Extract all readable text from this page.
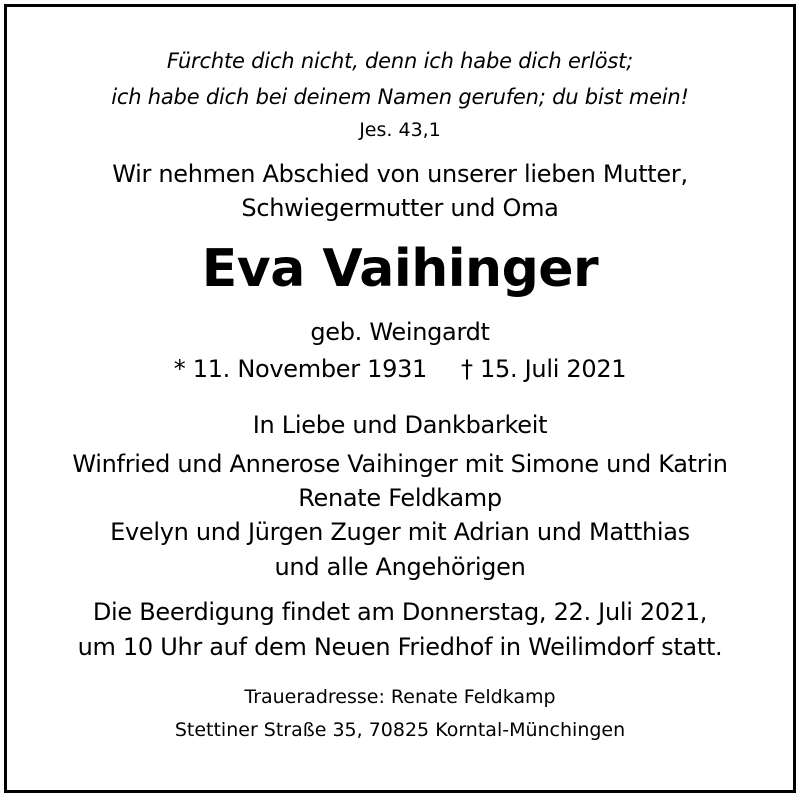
Fürchte dich nicht, denn ich habe dich erlöst;
ich habe dich bei deinem Namen gerufen; du bist mein!
Jes. 43,1
Wir nehmen Abschied von unserer lieben Mutter,
Schwiegermutter und Oma
Eva Vaihinger
geb. Weingardt
* 11. November 1931 † 15. Juli 2021
In Liebe und Dankbarkeit
Winfried und Annerose Vaihinger mit Simone und Katrin
Renate Feldkamp
Evelyn und Jürgen Zuger mit Adrian und Matthias
und alle Angehörigen
Die Beerdigung findet am Donnerstag, 22. Juli 2021,
um 10 Uhr auf dem Neuen Friedhof in Weilimdorf statt.
Traueradresse: Renate Feldkamp
Stettiner Straße 35, 70825 Korntal-Münchingen
